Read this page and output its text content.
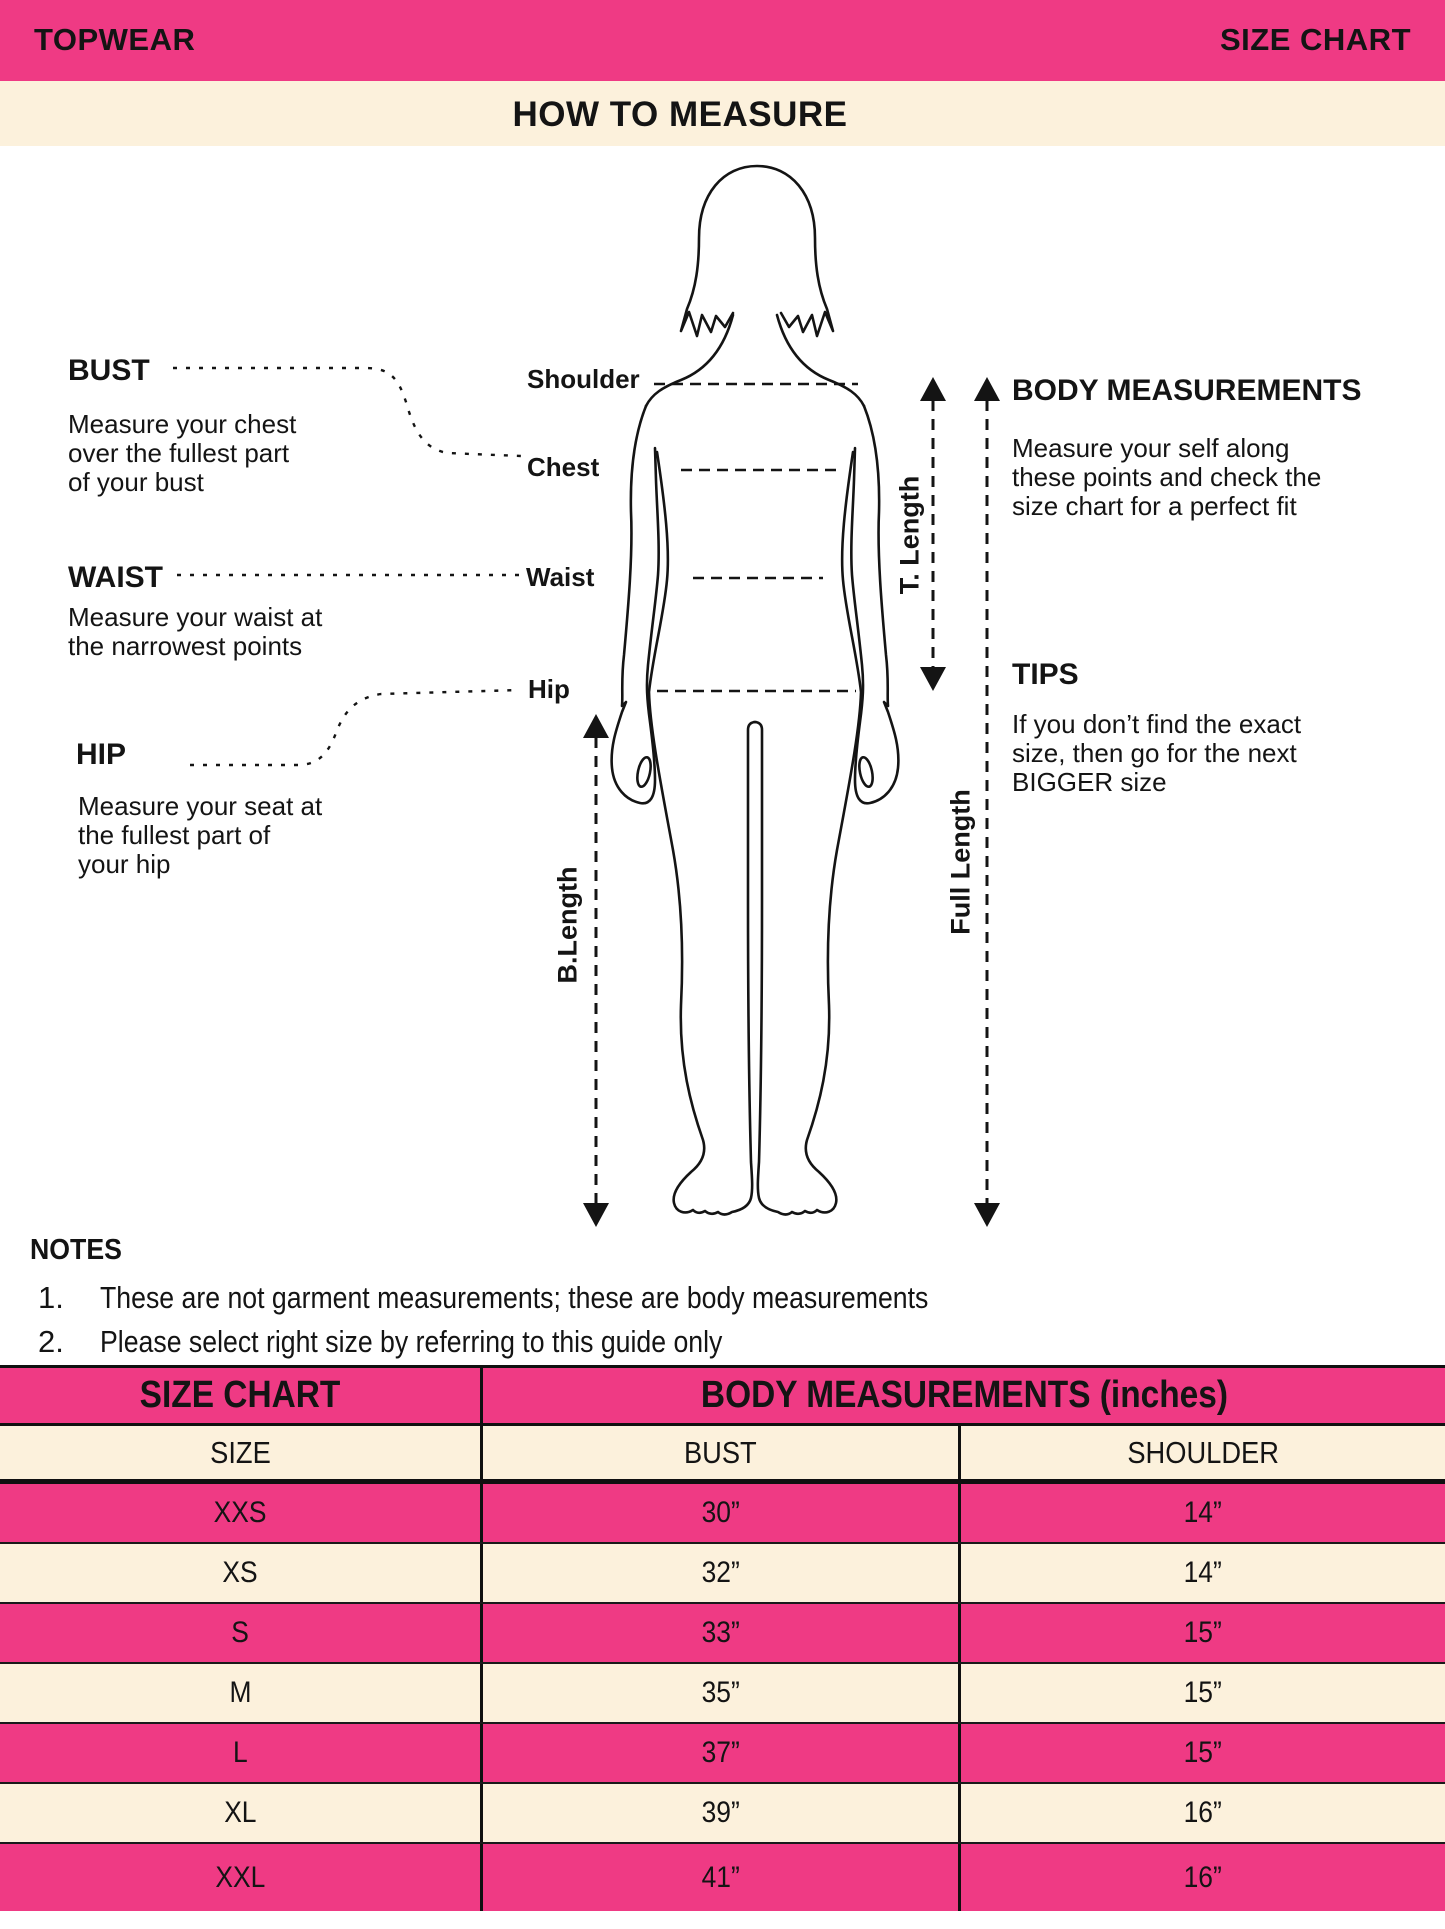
TOPWEAR	SIZE CHART
HOW TO MEASURE
Shoulder
Chest
Waist
Hip
T. Length
B.Length	Full Length
BUST
Measure your chest
over the fullest part
of your bust
WAIST
Measure your waist at
the narrowest points
HIP
Measure your seat at
the fullest part of
your hip
BODY MEASUREMENTS
Measure your self along
these points and check the
size chart for a perfect fit
TIPS
If you don’t find the exact
size, then go for the next
BIGGER size
NOTES
1.	These are not garment measurements; these are body measurements
2.	Please select right size by referring to this guide only
SIZE CHART	BODY MEASUREMENTS (inches)
SIZE	BUST	SHOULDER
XXS	30”	14”
XS	32”	14”
S	33”	15”
M	35”	15”
L	37”	15”
XL	39”	16”
XXL	41”	16”
